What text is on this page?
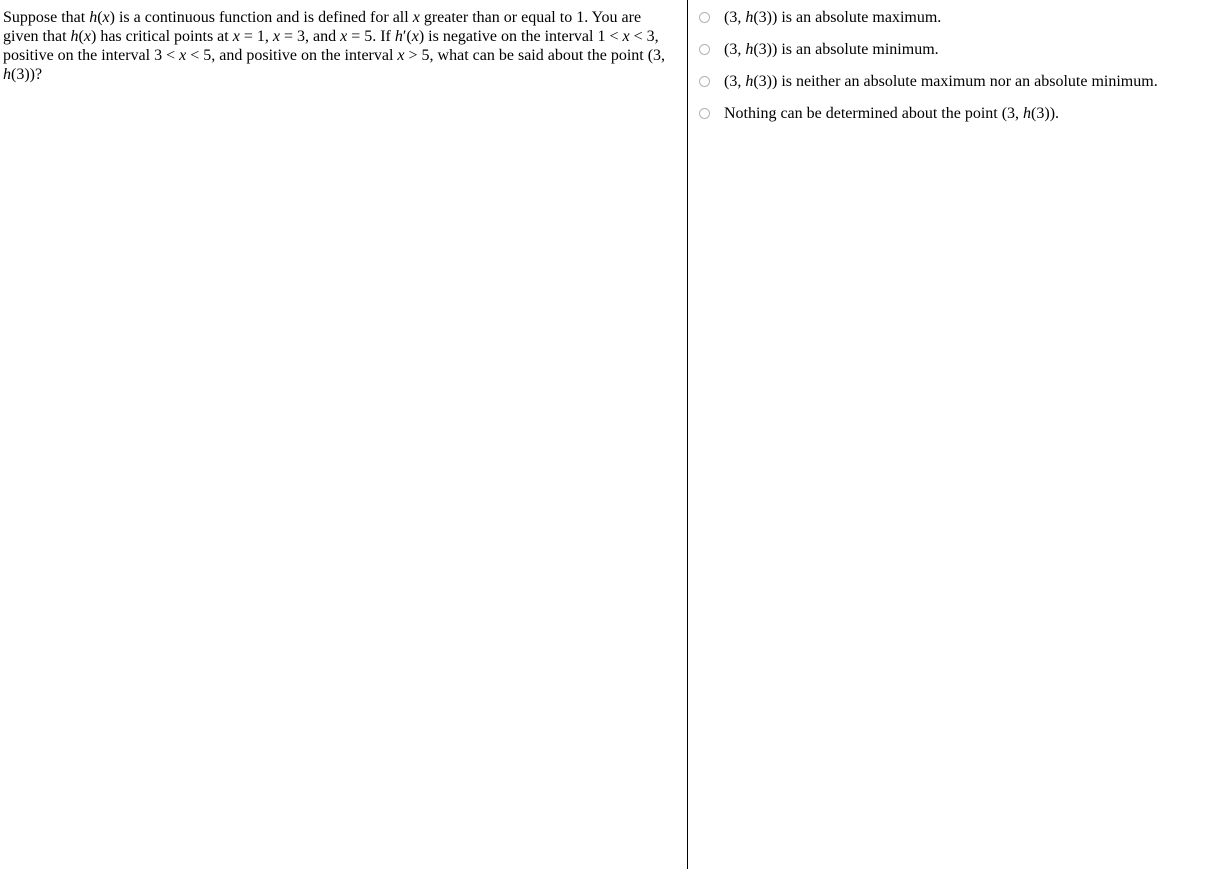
Suppose that h(x) is a continuous function and is defined for all x greater than or equal to 1. You are given that h(x) has critical points at x = 1, x = 3, and x = 5. If h′(x) is negative on the interval 1 < x < 3, positive on the interval 3 < x < 5, and positive on the interval x > 5, what can be said about the point (3, h(3))?

(3, h(3)) is an absolute maximum.
(3, h(3)) is an absolute minimum.
(3, h(3)) is neither an absolute maximum nor an absolute minimum.
Nothing can be determined about the point (3, h(3)).
